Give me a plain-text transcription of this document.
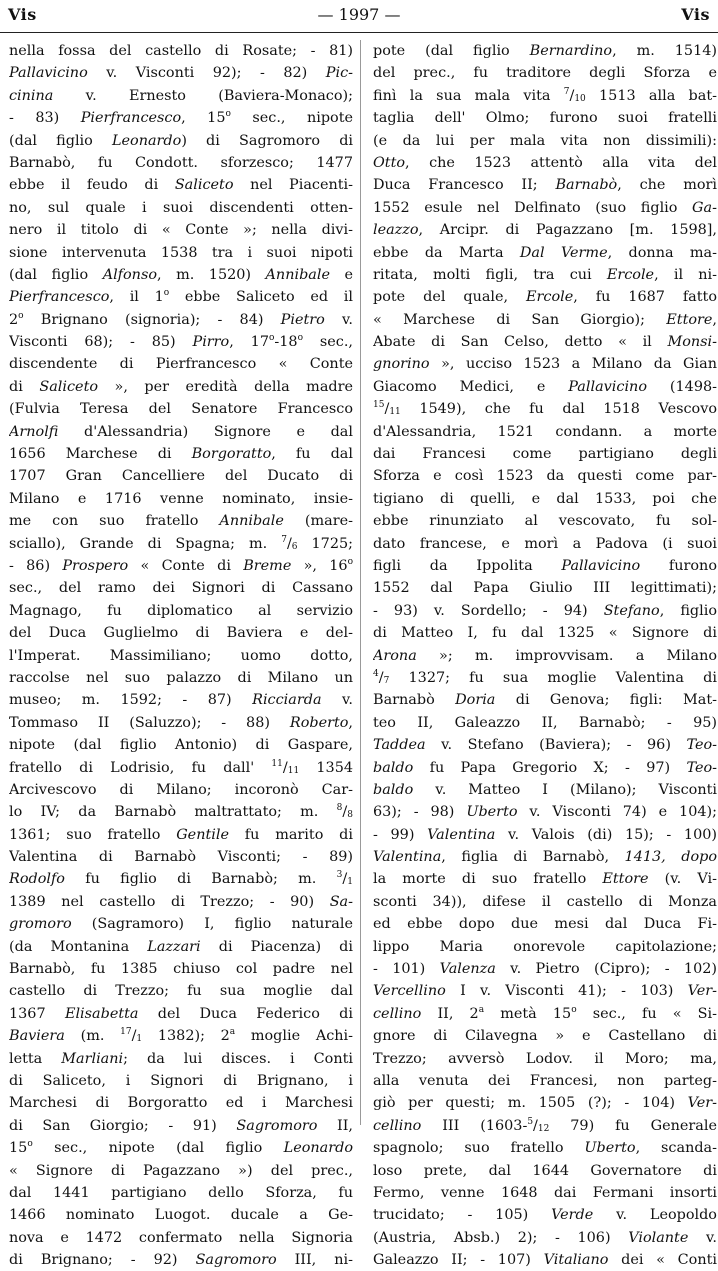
Vis	— 1997 —	Vis
nella fossa del castello di Rosate; - 81)
Pallavicino v. Visconti 92); - 82) Pic-
cinina v. Ernesto (Baviera-Monaco);
- 83) Pierfrancesco, 15$^o$ sec., nipote
(dal figlio Leonardo) di Sagromoro di
Barnabò, fu Condott. sforzesco; 1477
ebbe il feudo di Saliceto nel Piacenti-
no, sul quale i suoi discendenti otten-
nero il titolo di « Conte »; nella divi-
sione intervenuta 1538 tra i suoi nipoti
(dal figlio Alfonso, m. 1520) Annibale e
Pierfrancesco, il 1$^o$ ebbe Saliceto ed il
2$^o$ Brignano (signoria); - 84) Pietro v.
Visconti 68); - 85) Pirro, 17$^o$-18$^o$ sec.,
discendente di Pierfrancesco « Conte
di Saliceto », per eredità della madre
(Fulvia Teresa del Senatore Francesco
Arnolfi d'Alessandria) Signore e dal
1656 Marchese di Borgoratto, fu dal
1707 Gran Cancelliere del Ducato di
Milano e 1716 venne nominato, insie-
me con suo fratello Annibale (mare-
sciallo), Grande di Spagna; m. $^7/_6$ 1725;
- 86) Prospero « Conte di Breme », 16$^o$
sec., del ramo dei Signori di Cassano
Magnago, fu diplomatico al servizio
del Duca Guglielmo di Baviera e del-
l'Imperat. Massimiliano; uomo dotto,
raccolse nel suo palazzo di Milano un
museo; m. 1592; - 87) Ricciarda v.
Tommaso II (Saluzzo); - 88) Roberto,
nipote (dal figlio Antonio) di Gaspare,
fratello di Lodrisio, fu dall' $^{11}/_{11}$ 1354
Arcivescovo di Milano; incoronò Car-
lo IV; da Barnabò maltrattato; m. $^8/_8$
1361; suo fratello Gentile fu marito di
Valentina di Barnabò Visconti; - 89)
Rodolfo fu figlio di Barnabò; m. $^3/_1$
1389 nel castello di Trezzo; - 90) Sa-
gromoro (Sagramoro) I, figlio naturale
(da Montanina Lazzari di Piacenza) di
Barnabò, fu 1385 chiuso col padre nel
castello di Trezzo; fu sua moglie dal
1367 Elisabetta del Duca Federico di
Baviera (m. $^{17}/_1$ 1382); 2$^a$ moglie Achi-
letta Marliani; da lui disces. i Conti
di Saliceto, i Signori di Brignano, i
Marchesi di Borgoratto ed i Marchesi
di San Giorgio; - 91) Sagromoro II,
15$^o$ sec., nipote (dal figlio Leonardo
« Signore di Pagazzano ») del prec.,
dal 1441 partigiano dello Sforza, fu
1466 nominato Luogot. ducale a Ge-
nova e 1472 confermato nella Signoria
di Brignano; - 92) Sagromoro III, ni-
pote (dal figlio Bernardino, m. 1514)
del prec., fu traditore degli Sforza e
finì la sua mala vita $^7/_{10}$ 1513 alla bat-
taglia dell' Olmo; furono suoi fratelli
(e da lui per mala vita non dissimili):
Otto, che 1523 attentò alla vita del
Duca Francesco II; Barnabò, che morì
1552 esule nel Delfinato (suo figlio Ga-
leazzo, Arcipr. di Pagazzano [m. 1598],
ebbe da Marta Dal Verme, donna ma-
ritata, molti figli, tra cui Ercole, il ni-
pote del quale, Ercole, fu 1687 fatto
« Marchese di San Giorgio); Ettore,
Abate di San Celso, detto « il Monsi-
gnorino », ucciso 1523 a Milano da Gian
Giacomo Medici, e Pallavicino (1498-
$^{15}/_{11}$ 1549), che fu dal 1518 Vescovo
d'Alessandria, 1521 condann. a morte
dai Francesi come partigiano degli
Sforza e così 1523 da questi come par-
tigiano di quelli, e dal 1533, poi che
ebbe rinunziato al vescovato, fu sol-
dato francese, e morì a Padova (i suoi
figli da Ippolita Pallavicino furono
1552 dal Papa Giulio III legittimati);
- 93) v. Sordello; - 94) Stefano, figlio
di Matteo I, fu dal 1325 « Signore di
Arona »; m. improvvisam. a Milano
$^4/_7$ 1327; fu sua moglie Valentina di
Barnabò Doria di Genova; figli: Mat-
teo II, Galeazzo II, Barnabò; - 95)
Taddea v. Stefano (Baviera); - 96) Teo-
baldo fu Papa Gregorio X; - 97) Teo-
baldo v. Matteo I (Milano); Visconti
63); - 98) Uberto v. Visconti 74) e 104);
- 99) Valentina v. Valois (di) 15); - 100)
Valentina, figlia di Barnabò, 1413, dopo
la morte di suo fratello Ettore (v. Vi-
sconti 34)), difese il castello di Monza
ed ebbe dopo due mesi dal Duca Fi-
lippo Maria onorevole capitolazione;
- 101) Valenza v. Pietro (Cipro); - 102)
Vercellino I v. Visconti 41); - 103) Ver-
cellino II, 2$^a$ metà 15$^o$ sec., fu « Si-
gnore di Cilavegna » e Castellano di
Trezzo; avversò Lodov. il Moro; ma,
alla venuta dei Francesi, non parteg-
giò per questi; m. 1505 (?); - 104) Ver-
cellino III ($1603-^5/_{12}$ 79) fu Generale
spagnolo; suo fratello Uberto, scanda-
loso prete, dal 1644 Governatore di
Fermo, venne 1648 dai Fermani insorti
trucidato; - 105) Verde v. Leopoldo
(Austria, Absb.) 2); - 106) Violante v.
Galeazzo II; - 107) Vitaliano dei « Conti
